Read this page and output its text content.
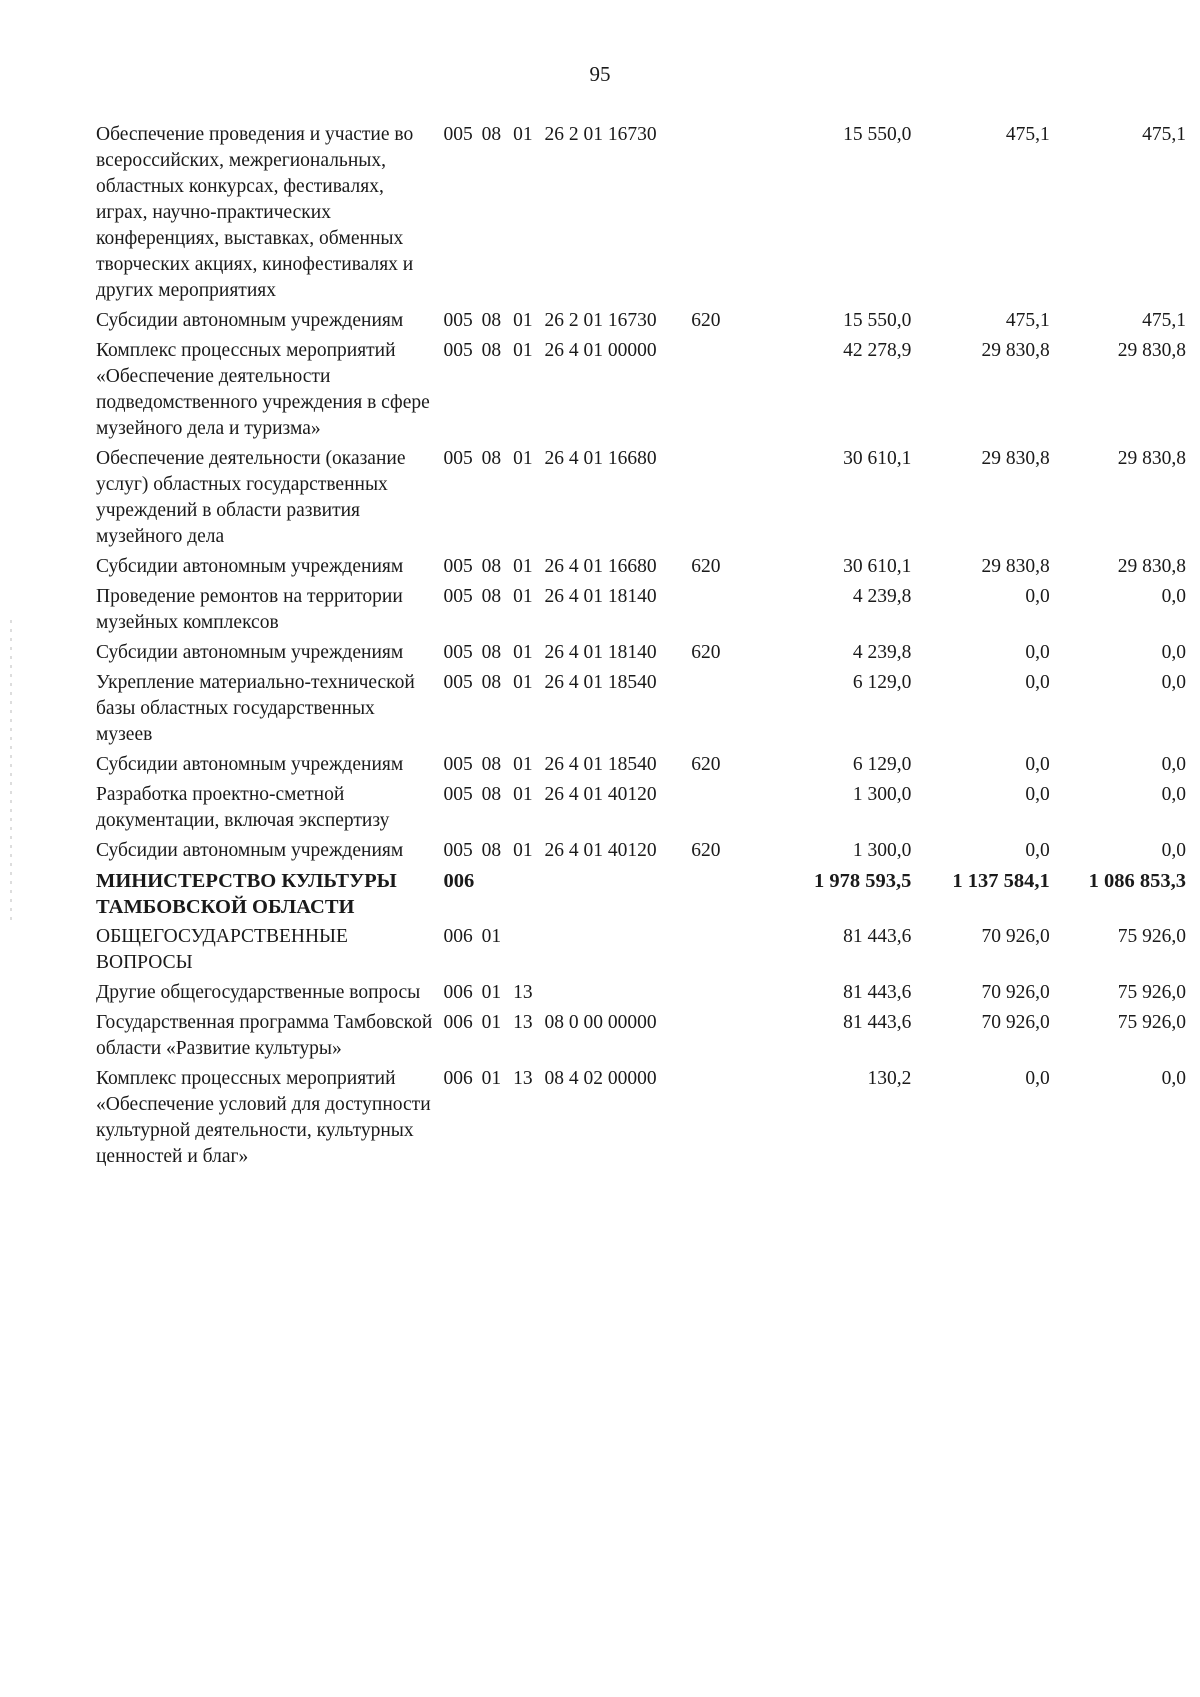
95
Обеспечение проведения и участие во всероссийских, межрегиональных, областных конкурсах, фестивалях, играх, научно-практических конференциях, выставках, обменных творческих акциях, кинофестивалях и других мероприятиях	005	08	01	26 2 01 16730		15 550,0	475,1	475,1
Субсидии автономным учреждениям	005	08	01	26 2 01 16730	620	15 550,0	475,1	475,1
Комплекс процессных мероприятий «Обеспечение деятельности подведомственного учреждения в сфере музейного дела и туризма»	005	08	01	26 4 01 00000		42 278,9	29 830,8	29 830,8
Обеспечение деятельности (оказание услуг) областных государственных учреждений в области развития музейного дела	005	08	01	26 4 01 16680		30 610,1	29 830,8	29 830,8
Субсидии автономным учреждениям	005	08	01	26 4 01 16680	620	30 610,1	29 830,8	29 830,8
Проведение ремонтов на территории музейных комплексов	005	08	01	26 4 01 18140		4 239,8	0,0	0,0
Субсидии автономным учреждениям	005	08	01	26 4 01 18140	620	4 239,8	0,0	0,0
Укрепление материально-технической базы областных государственных музеев	005	08	01	26 4 01 18540		6 129,0	0,0	0,0
Субсидии автономным учреждениям	005	08	01	26 4 01 18540	620	6 129,0	0,0	0,0
Разработка проектно-сметной документации, включая экспертизу	005	08	01	26 4 01 40120		1 300,0	0,0	0,0
Субсидии автономным учреждениям	005	08	01	26 4 01 40120	620	1 300,0	0,0	0,0
МИНИСТЕРСТВО КУЛЬТУРЫ ТАМБОВСКОЙ ОБЛАСТИ	006					1 978 593,5	1 137 584,1	1 086 853,3
ОБЩЕГОСУДАРСТВЕННЫЕ ВОПРОСЫ	006	01				81 443,6	70 926,0	75 926,0
Другие общегосударственные вопросы	006	01	13			81 443,6	70 926,0	75 926,0
Государственная программа Тамбовской области «Развитие культуры»	006	01	13	08 0 00 00000		81 443,6	70 926,0	75 926,0
Комплекс процессных мероприятий «Обеспечение условий для доступности культурной деятельности, культурных ценностей и благ»	006	01	13	08 4 02 00000		130,2	0,0	0,0
